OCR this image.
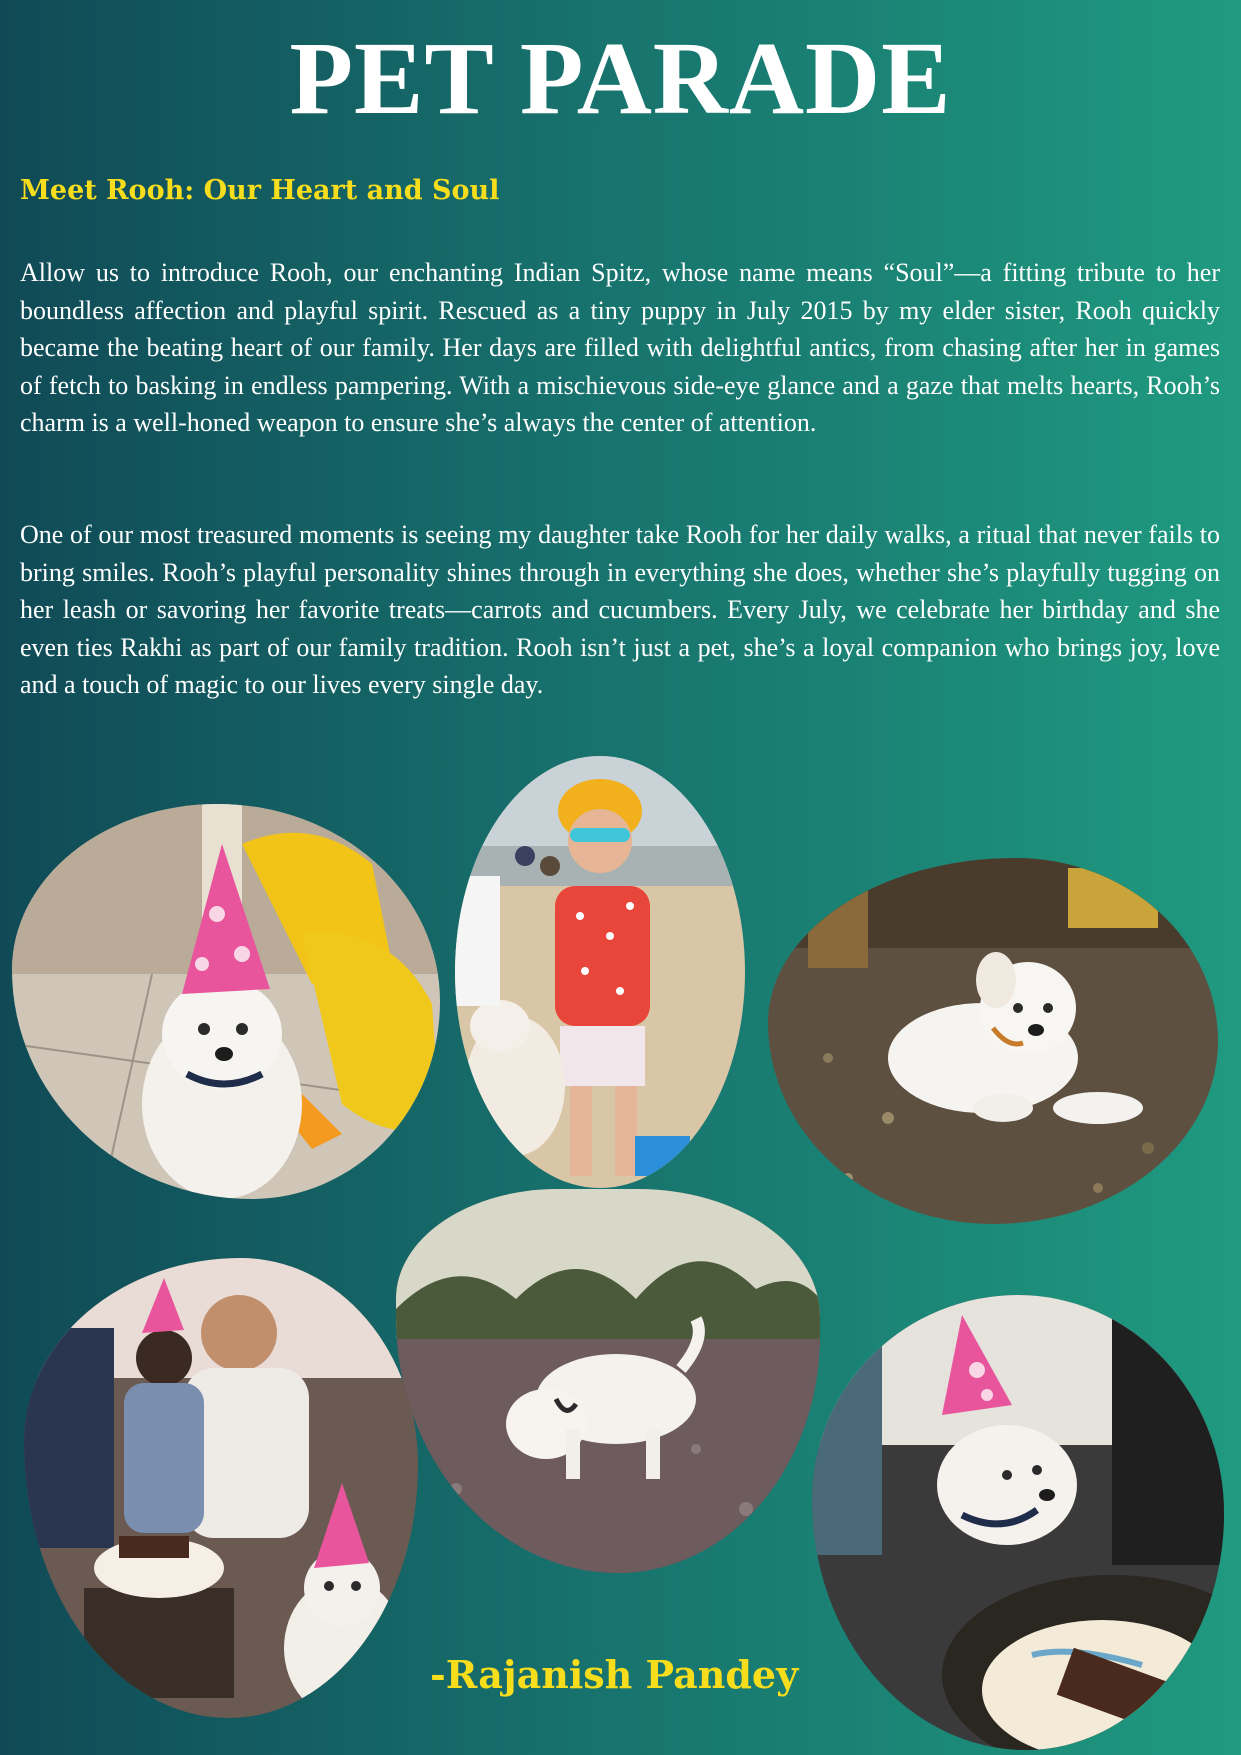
PET PARADE
Meet Rooh: Our Heart and Soul
Allow us to introduce Rooh, our enchanting Indian Spitz, whose name means “Soul”—a fitting tribute to her boundless affection and playful spirit. Rescued as a tiny puppy in July 2015 by my elder sister, Rooh quickly became the beating heart of our family. Her days are filled with delightful antics, from chasing after her in games of fetch to basking in endless pampering. With a mischievous side-eye glance and a gaze that melts hearts, Rooh’s charm is a well-honed weapon to ensure she’s always the center of attention.
One of our most treasured moments is seeing my daughter take Rooh for her daily walks, a ritual that never fails to bring smiles. Rooh’s playful personality shines through in everything she does, whether she’s playfully tugging on her leash or savoring her favorite treats—carrots and cucumbers. Every July, we celebrate her birthday and she even ties Rakhi as part of our family tradition. Rooh isn’t just a pet, she’s a loyal companion who brings joy, love and a touch of magic to our lives every single day.
-Rajanish Pandey
